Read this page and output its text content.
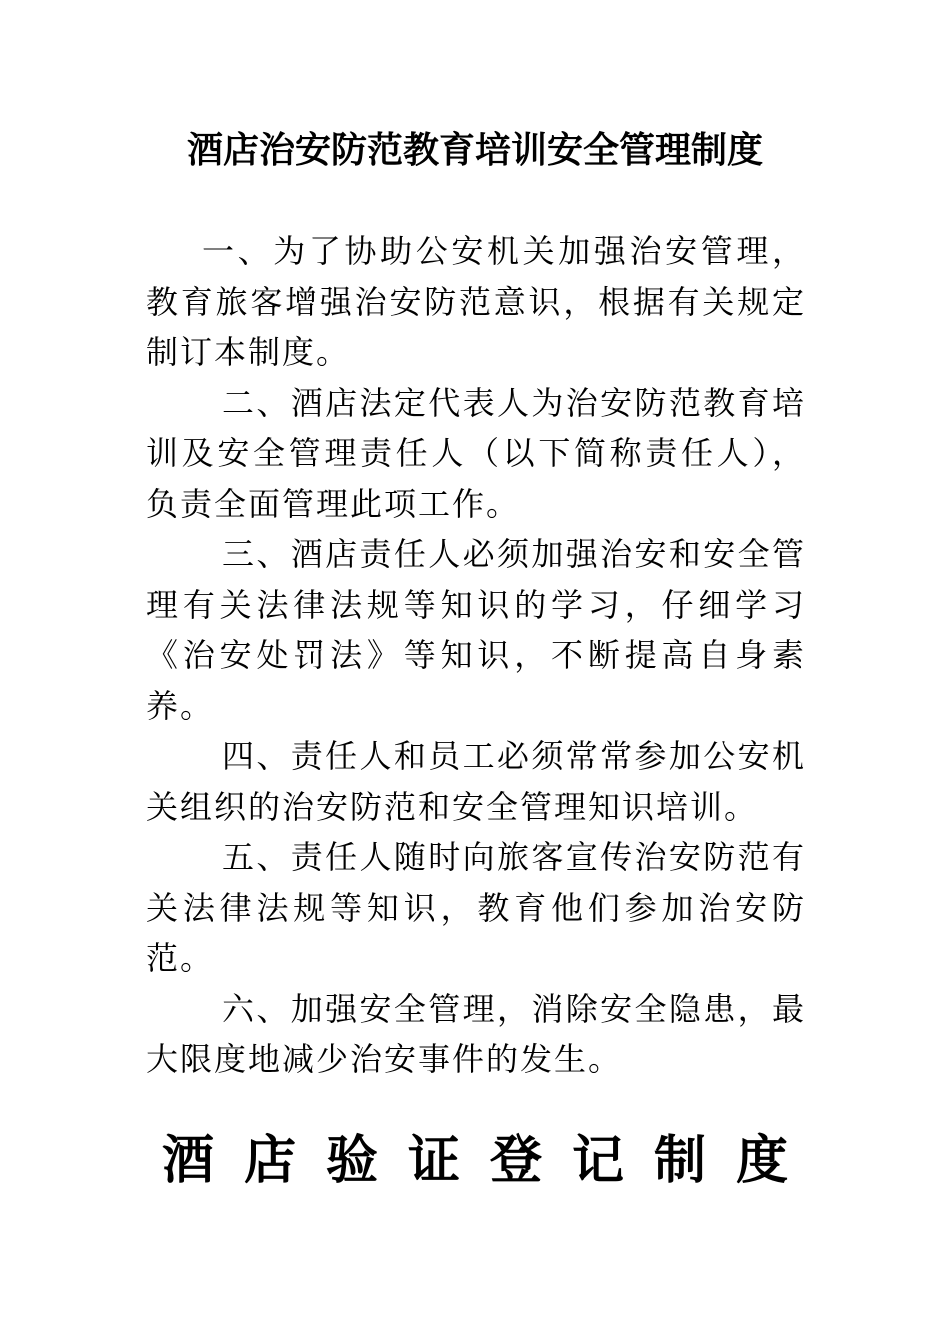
酒店治安防范教育培训安全管理制度

一、为了协助公安机关加强治安管理，教育旅客增强治安防范意识，根据有关规定制订本制度。

二、酒店法定代表人为治安防范教育培训及安全管理责任人（以下简称责任人），负责全面管理此项工作。

三、酒店责任人必须加强治安和安全管理有关法律法规等知识的学习，仔细学习《治安处罚法》等知识，不断提高自身素养。

四、责任人和员工必须常常参加公安机关组织的治安防范和安全管理知识培训。

五、责任人随时向旅客宣传治安防范有关法律法规等知识，教育他们参加治安防范。

六、加强安全管理，消除安全隐患，最大限度地减少治安事件的发生。

酒店验证登记制度
